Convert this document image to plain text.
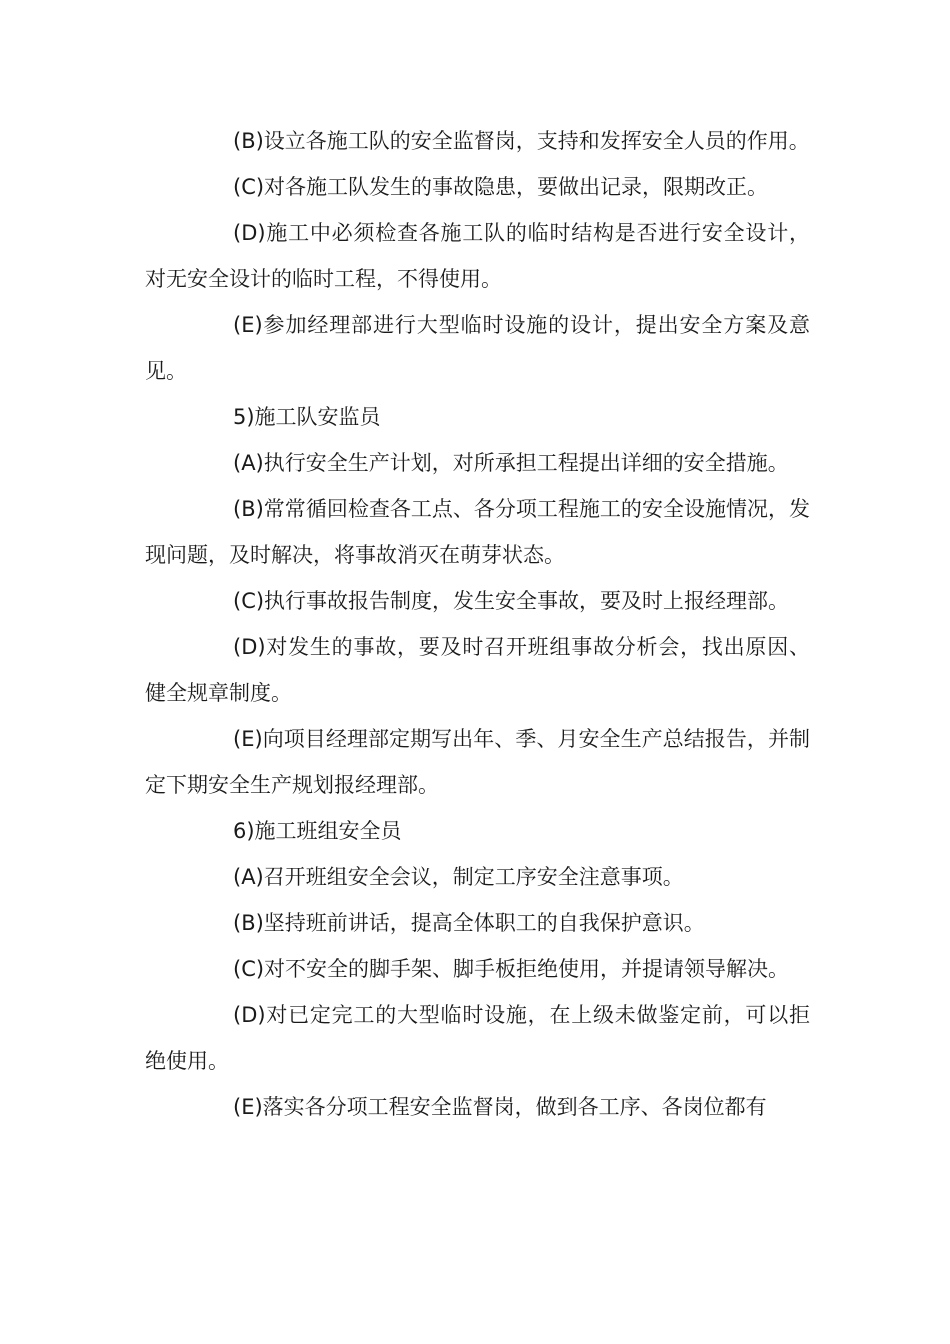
(B)设立各施工队的安全监督岗，支持和发挥安全人员的作用。

(C)对各施工队发生的事故隐患，要做出记录，限期改正。

(D)施工中必须检查各施工队的临时结构是否进行安全设计，对无安全设计的临时工程，不得使用。

(E)参加经理部进行大型临时设施的设计，提出安全方案及意见。

5)施工队安监员

(A)执行安全生产计划，对所承担工程提出详细的安全措施。

(B)常常循回检查各工点、各分项工程施工的安全设施情况，发现问题，及时解决，将事故消灭在萌芽状态。

(C)执行事故报告制度，发生安全事故，要及时上报经理部。

(D)对发生的事故，要及时召开班组事故分析会，找出原因、健全规章制度。

(E)向项目经理部定期写出年、季、月安全生产总结报告，并制定下期安全生产规划报经理部。

6)施工班组安全员

(A)召开班组安全会议，制定工序安全注意事项。

(B)坚持班前讲话，提高全体职工的自我保护意识。

(C)对不安全的脚手架、脚手板拒绝使用，并提请领导解决。

(D)对已定完工的大型临时设施，在上级未做鉴定前，可以拒绝使用。

(E)落实各分项工程安全监督岗，做到各工序、各岗位都有
